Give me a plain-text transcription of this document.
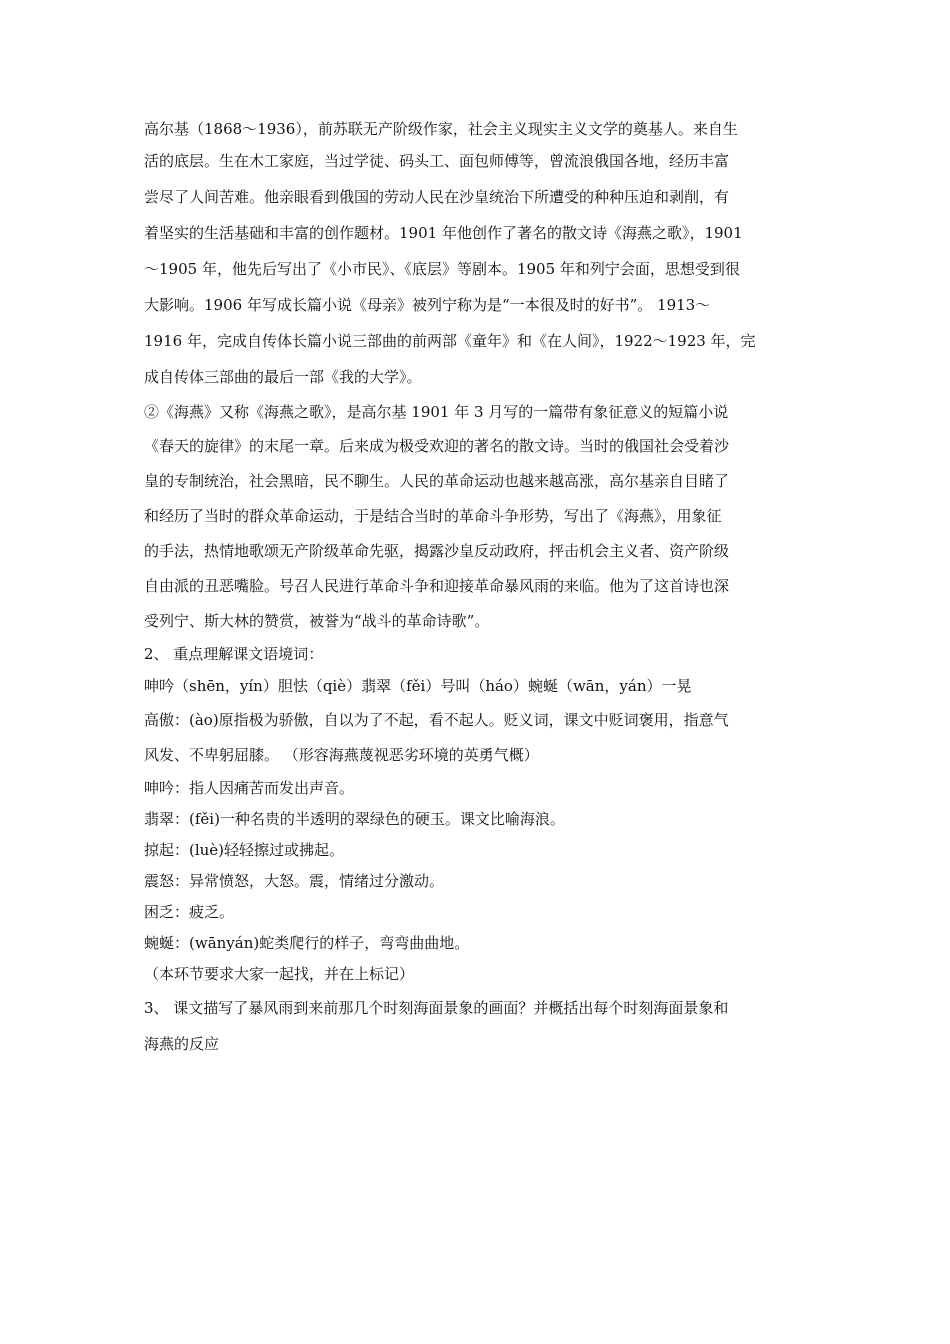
高尔基（1868～1936），前苏联无产阶级作家，社会主义现实主义文学的奠基人。来自生
活的底层。生在木工家庭，当过学徒、码头工、面包师傅等，曾流浪俄国各地，经历丰富
尝尽了人间苦难。他亲眼看到俄国的劳动人民在沙皇统治下所遭受的种种压迫和剥削，有
着坚实的生活基础和丰富的创作题材。1901 年他创作了著名的散文诗《海燕之歌》，1901
～1905 年，他先后写出了《小市民》、《底层》等剧本。1905 年和列宁会面，思想受到很
大影响。1906 年写成长篇小说《母亲》被列宁称为是“一本很及时的好书”。 1913～
1916 年，完成自传体长篇小说三部曲的前两部《童年》和《在人间》，1922～1923 年，完
成自传体三部曲的最后一部《我的大学》。
②《海燕》又称《海燕之歌》，是高尔基 1901 年 3 月写的一篇带有象征意义的短篇小说
《春天的旋律》的末尾一章。后来成为极受欢迎的著名的散文诗。当时的俄国社会受着沙
皇的专制统治，社会黑暗，民不聊生。人民的革命运动也越来越高涨，高尔基亲自目睹了
和经历了当时的群众革命运动，于是结合当时的革命斗争形势，写出了《海燕》，用象征
的手法，热情地歌颂无产阶级革命先驱，揭露沙皇反动政府，抨击机会主义者、资产阶级
自由派的丑恶嘴脸。号召人民进行革命斗争和迎接革命暴风雨的来临。他为了这首诗也深
受列宁、斯大林的赞赏，被誉为“战斗的革命诗歌”。
2、 重点理解课文语境词：
呻吟（shēn，yín）胆怯（qiè）翡翠（fěi）号叫（háo）蜿蜒（wān，yán）一晃
高傲：(ào)原指极为骄傲，自以为了不起，看不起人。贬义词，课文中贬词褒用，指意气
风发、不卑躬屈膝。 （形容海燕蔑视恶劣环境的英勇气概）
呻吟：指人因痛苦而发出声音。
翡翠：(fěi)一种名贵的半透明的翠绿色的硬玉。课文比喻海浪。
掠起：(luè)轻轻擦过或拂起。
震怒：异常愤怒，大怒。震，情绪过分激动。
困乏：疲乏。
蜿蜒：(wānyán)蛇类爬行的样子，弯弯曲曲地。
（本环节要求大家一起找，并在上标记）
3、 课文描写了暴风雨到来前那几个时刻海面景象的画面？并概括出每个时刻海面景象和
海燕的反应
